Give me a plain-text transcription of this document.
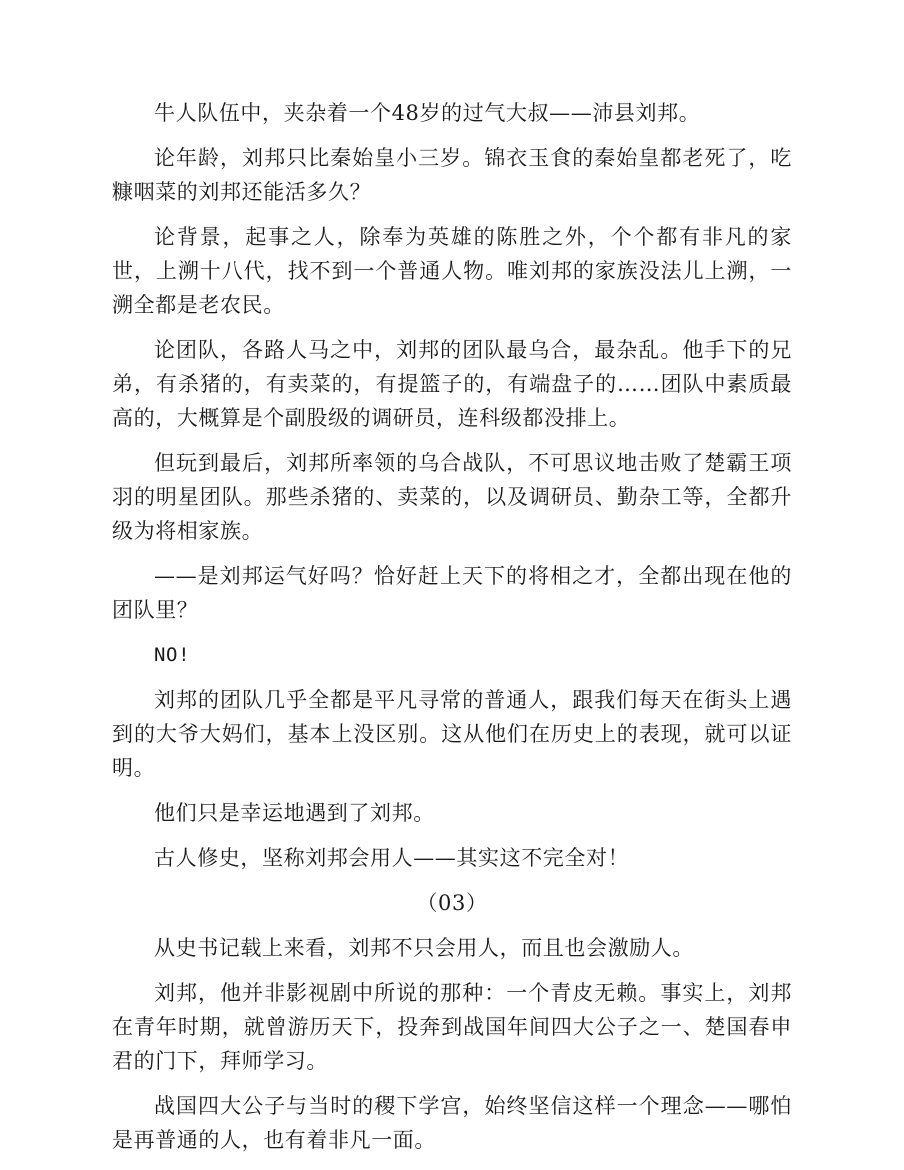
牛人队伍中，夹杂着一个48岁的过气大叔——沛县刘邦。

论年龄，刘邦只比秦始皇小三岁。锦衣玉食的秦始皇都老死了，吃糠咽菜的刘邦还能活多久？

论背景，起事之人，除奉为英雄的陈胜之外，个个都有非凡的家世，上溯十八代，找不到一个普通人物。唯刘邦的家族没法儿上溯，一溯全都是老农民。

论团队，各路人马之中，刘邦的团队最乌合，最杂乱。他手下的兄弟，有杀猪的，有卖菜的，有提篮子的，有端盘子的……团队中素质最高的，大概算是个副股级的调研员，连科级都没排上。

但玩到最后，刘邦所率领的乌合战队，不可思议地击败了楚霸王项羽的明星团队。那些杀猪的、卖菜的，以及调研员、勤杂工等，全都升级为将相家族。

——是刘邦运气好吗？恰好赶上天下的将相之才，全都出现在他的团队里？

NO!

刘邦的团队几乎全都是平凡寻常的普通人，跟我们每天在街头上遇到的大爷大妈们，基本上没区别。这从他们在历史上的表现，就可以证明。

他们只是幸运地遇到了刘邦。

古人修史，坚称刘邦会用人——其实这不完全对！

（03）

从史书记载上来看，刘邦不只会用人，而且也会激励人。

刘邦，他并非影视剧中所说的那种：一个青皮无赖。事实上，刘邦在青年时期，就曾游历天下，投奔到战国年间四大公子之一、楚国春申君的门下，拜师学习。

战国四大公子与当时的稷下学宫，始终坚信这样一个理念——哪怕是再普通的人，也有着非凡一面。
